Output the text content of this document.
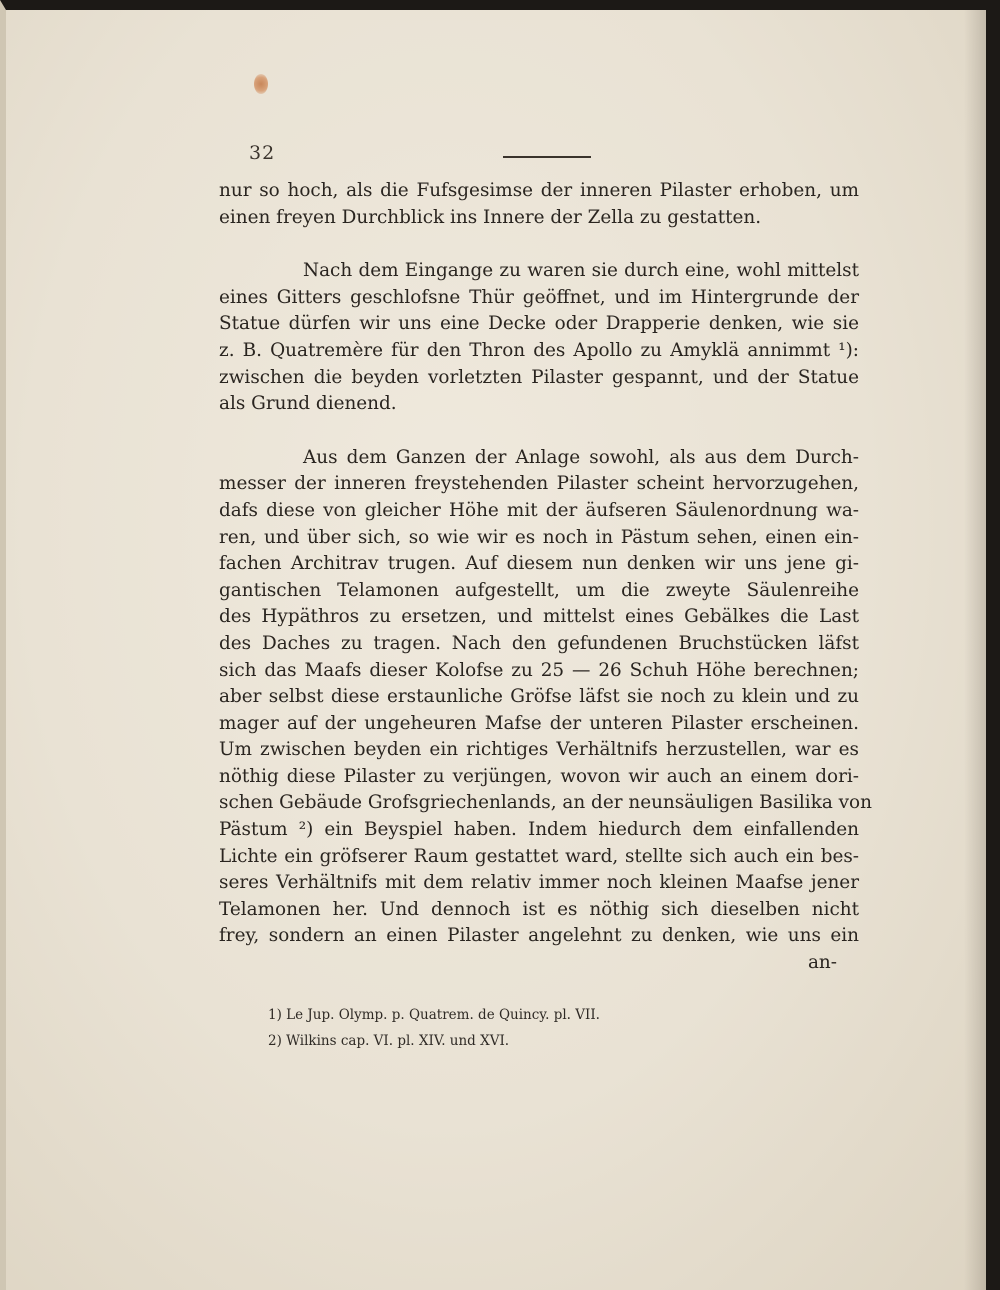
32
nur so hoch, als die Fufsgesimse der inneren Pilaster erhoben, um
einen freyen Durchblick ins Innere der Zella zu gestatten.
Nach dem Eingange zu waren sie durch eine, wohl mittelst
eines Gitters geschlofsne Thür geöffnet, und im Hintergrunde der
Statue dürfen wir uns eine Decke oder Drapperie denken, wie sie
z. B. Quatremère für den Thron des Apollo zu Amyklä annimmt ¹):
zwischen die beyden vorletzten Pilaster gespannt, und der Statue
als Grund dienend.
Aus dem Ganzen der Anlage sowohl, als aus dem Durch-
messer der inneren freystehenden Pilaster scheint hervorzugehen,
dafs diese von gleicher Höhe mit der äufseren Säulenordnung wa-
ren, und über sich, so wie wir es noch in Pästum sehen, einen ein-
fachen Architrav trugen. Auf diesem nun denken wir uns jene gi-
gantischen Telamonen aufgestellt, um die zweyte Säulenreihe
des Hypäthros zu ersetzen, und mittelst eines Gebälkes die Last
des Daches zu tragen. Nach den gefundenen Bruchstücken läfst
sich das Maafs dieser Kolofse zu 25 — 26 Schuh Höhe berechnen;
aber selbst diese erstaunliche Gröfse läfst sie noch zu klein und zu
mager auf der ungeheuren Mafse der unteren Pilaster erscheinen.
Um zwischen beyden ein richtiges Verhältnifs herzustellen, war es
nöthig diese Pilaster zu verjüngen, wovon wir auch an einem dori-
schen Gebäude Grofsgriechenlands, an der neunsäuligen Basilika von
Pästum ²) ein Beyspiel haben. Indem hiedurch dem einfallenden
Lichte ein gröfserer Raum gestattet ward, stellte sich auch ein bes-
seres Verhältnifs mit dem relativ immer noch kleinen Maafse jener
Telamonen her. Und dennoch ist es nöthig sich dieselben nicht
frey, sondern an einen Pilaster angelehnt zu denken, wie uns ein
an-
1) Le Jup. Olymp. p. Quatrem. de Quincy. pl. VII.
2) Wilkins cap. VI. pl. XIV. und XVI.
